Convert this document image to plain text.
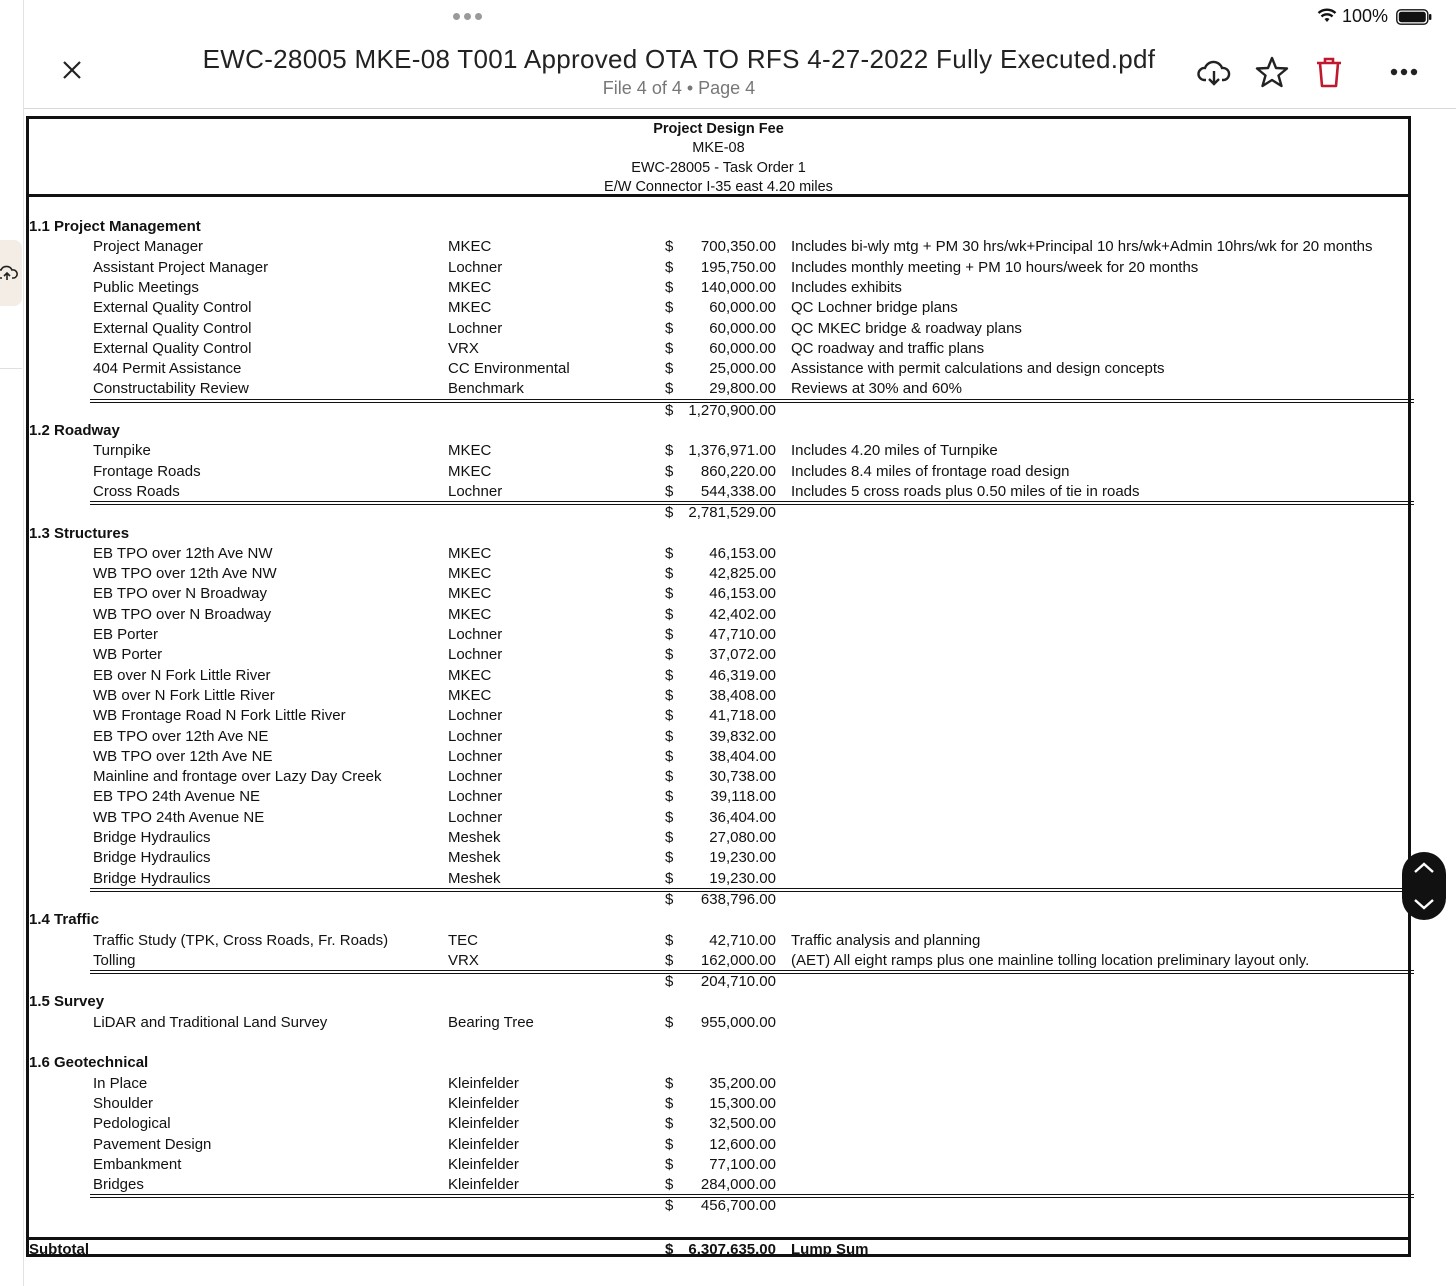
100%
EWC-28005 MKE-08 T001 Approved OTA TO RFS 4-27-2022 Fully Executed.pdf
File 4 of 4 • Page 4
Project Design Fee
MKE-08
EWC-28005 - Task Order 1
E/W Connector I-35 east 4.20 miles
1.1 Project Management
Project Manager	MKEC	$ 700,350.00 Includes bi-wly mtg + PM 30 hrs/wk+Principal 10 hrs/wk+Admin 10hrs/wk for 20 months
Assistant Project Manager	Lochner	$ 195,750.00 Includes monthly meeting + PM 10 hours/week for 20 months
Public Meetings	MKEC	$ 140,000.00 Includes exhibits
External Quality Control	MKEC	$ 60,000.00 QC Lochner bridge plans
External Quality Control	Lochner	$ 60,000.00 QC MKEC bridge & roadway plans
External Quality Control	VRX	$ 60,000.00 QC roadway and traffic plans
404 Permit Assistance	CC Environmental	$ 25,000.00 Assistance with permit calculations and design concepts
Constructability Review	Benchmark	$ 29,800.00 Reviews at 30% and 60%
$ 1,270,900.00
1.2 Roadway
Turnpike	MKEC	$ 1,376,971.00 Includes 4.20 miles of Turnpike
Frontage Roads	MKEC	$ 860,220.00 Includes 8.4 miles of frontage road design
Cross Roads	Lochner	$ 544,338.00 Includes 5 cross roads plus 0.50 miles of tie in roads
$ 2,781,529.00
1.3 Structures
EB TPO over 12th Ave NW	MKEC	$ 46,153.00
WB TPO over 12th Ave NW	MKEC	$ 42,825.00
EB TPO over N Broadway	MKEC	$ 46,153.00
WB TPO over N Broadway	MKEC	$ 42,402.00
EB Porter	Lochner	$ 47,710.00
WB Porter	Lochner	$ 37,072.00
EB over N Fork Little River	MKEC	$ 46,319.00
WB over N Fork Little River	MKEC	$ 38,408.00
WB Frontage Road N Fork Little River	Lochner	$ 41,718.00
EB TPO over 12th Ave NE	Lochner	$ 39,832.00
WB TPO over 12th Ave NE	Lochner	$ 38,404.00
Mainline and frontage over Lazy Day Creek	Lochner	$ 30,738.00
EB TPO 24th Avenue NE	Lochner	$ 39,118.00
WB TPO 24th Avenue NE	Lochner	$ 36,404.00
Bridge Hydraulics	Meshek	$ 27,080.00
Bridge Hydraulics	Meshek	$ 19,230.00
Bridge Hydraulics	Meshek	$ 19,230.00
$ 638,796.00
1.4 Traffic
Traffic Study (TPK, Cross Roads, Fr. Roads)	TEC	$ 42,710.00 Traffic analysis and planning
Tolling	VRX	$ 162,000.00 (AET) All eight ramps plus one mainline tolling location preliminary layout only.
$ 204,710.00
1.5 Survey
LiDAR and Traditional Land Survey	Bearing Tree	$ 955,000.00
1.6 Geotechnical
In Place	Kleinfelder	$ 35,200.00
Shoulder	Kleinfelder	$ 15,300.00
Pedological	Kleinfelder	$ 32,500.00
Pavement Design	Kleinfelder	$ 12,600.00
Embankment	Kleinfelder	$ 77,100.00
Bridges	Kleinfelder	$ 284,000.00
$ 456,700.00
Subtotal	$ 6,307,635.00 Lump Sum
